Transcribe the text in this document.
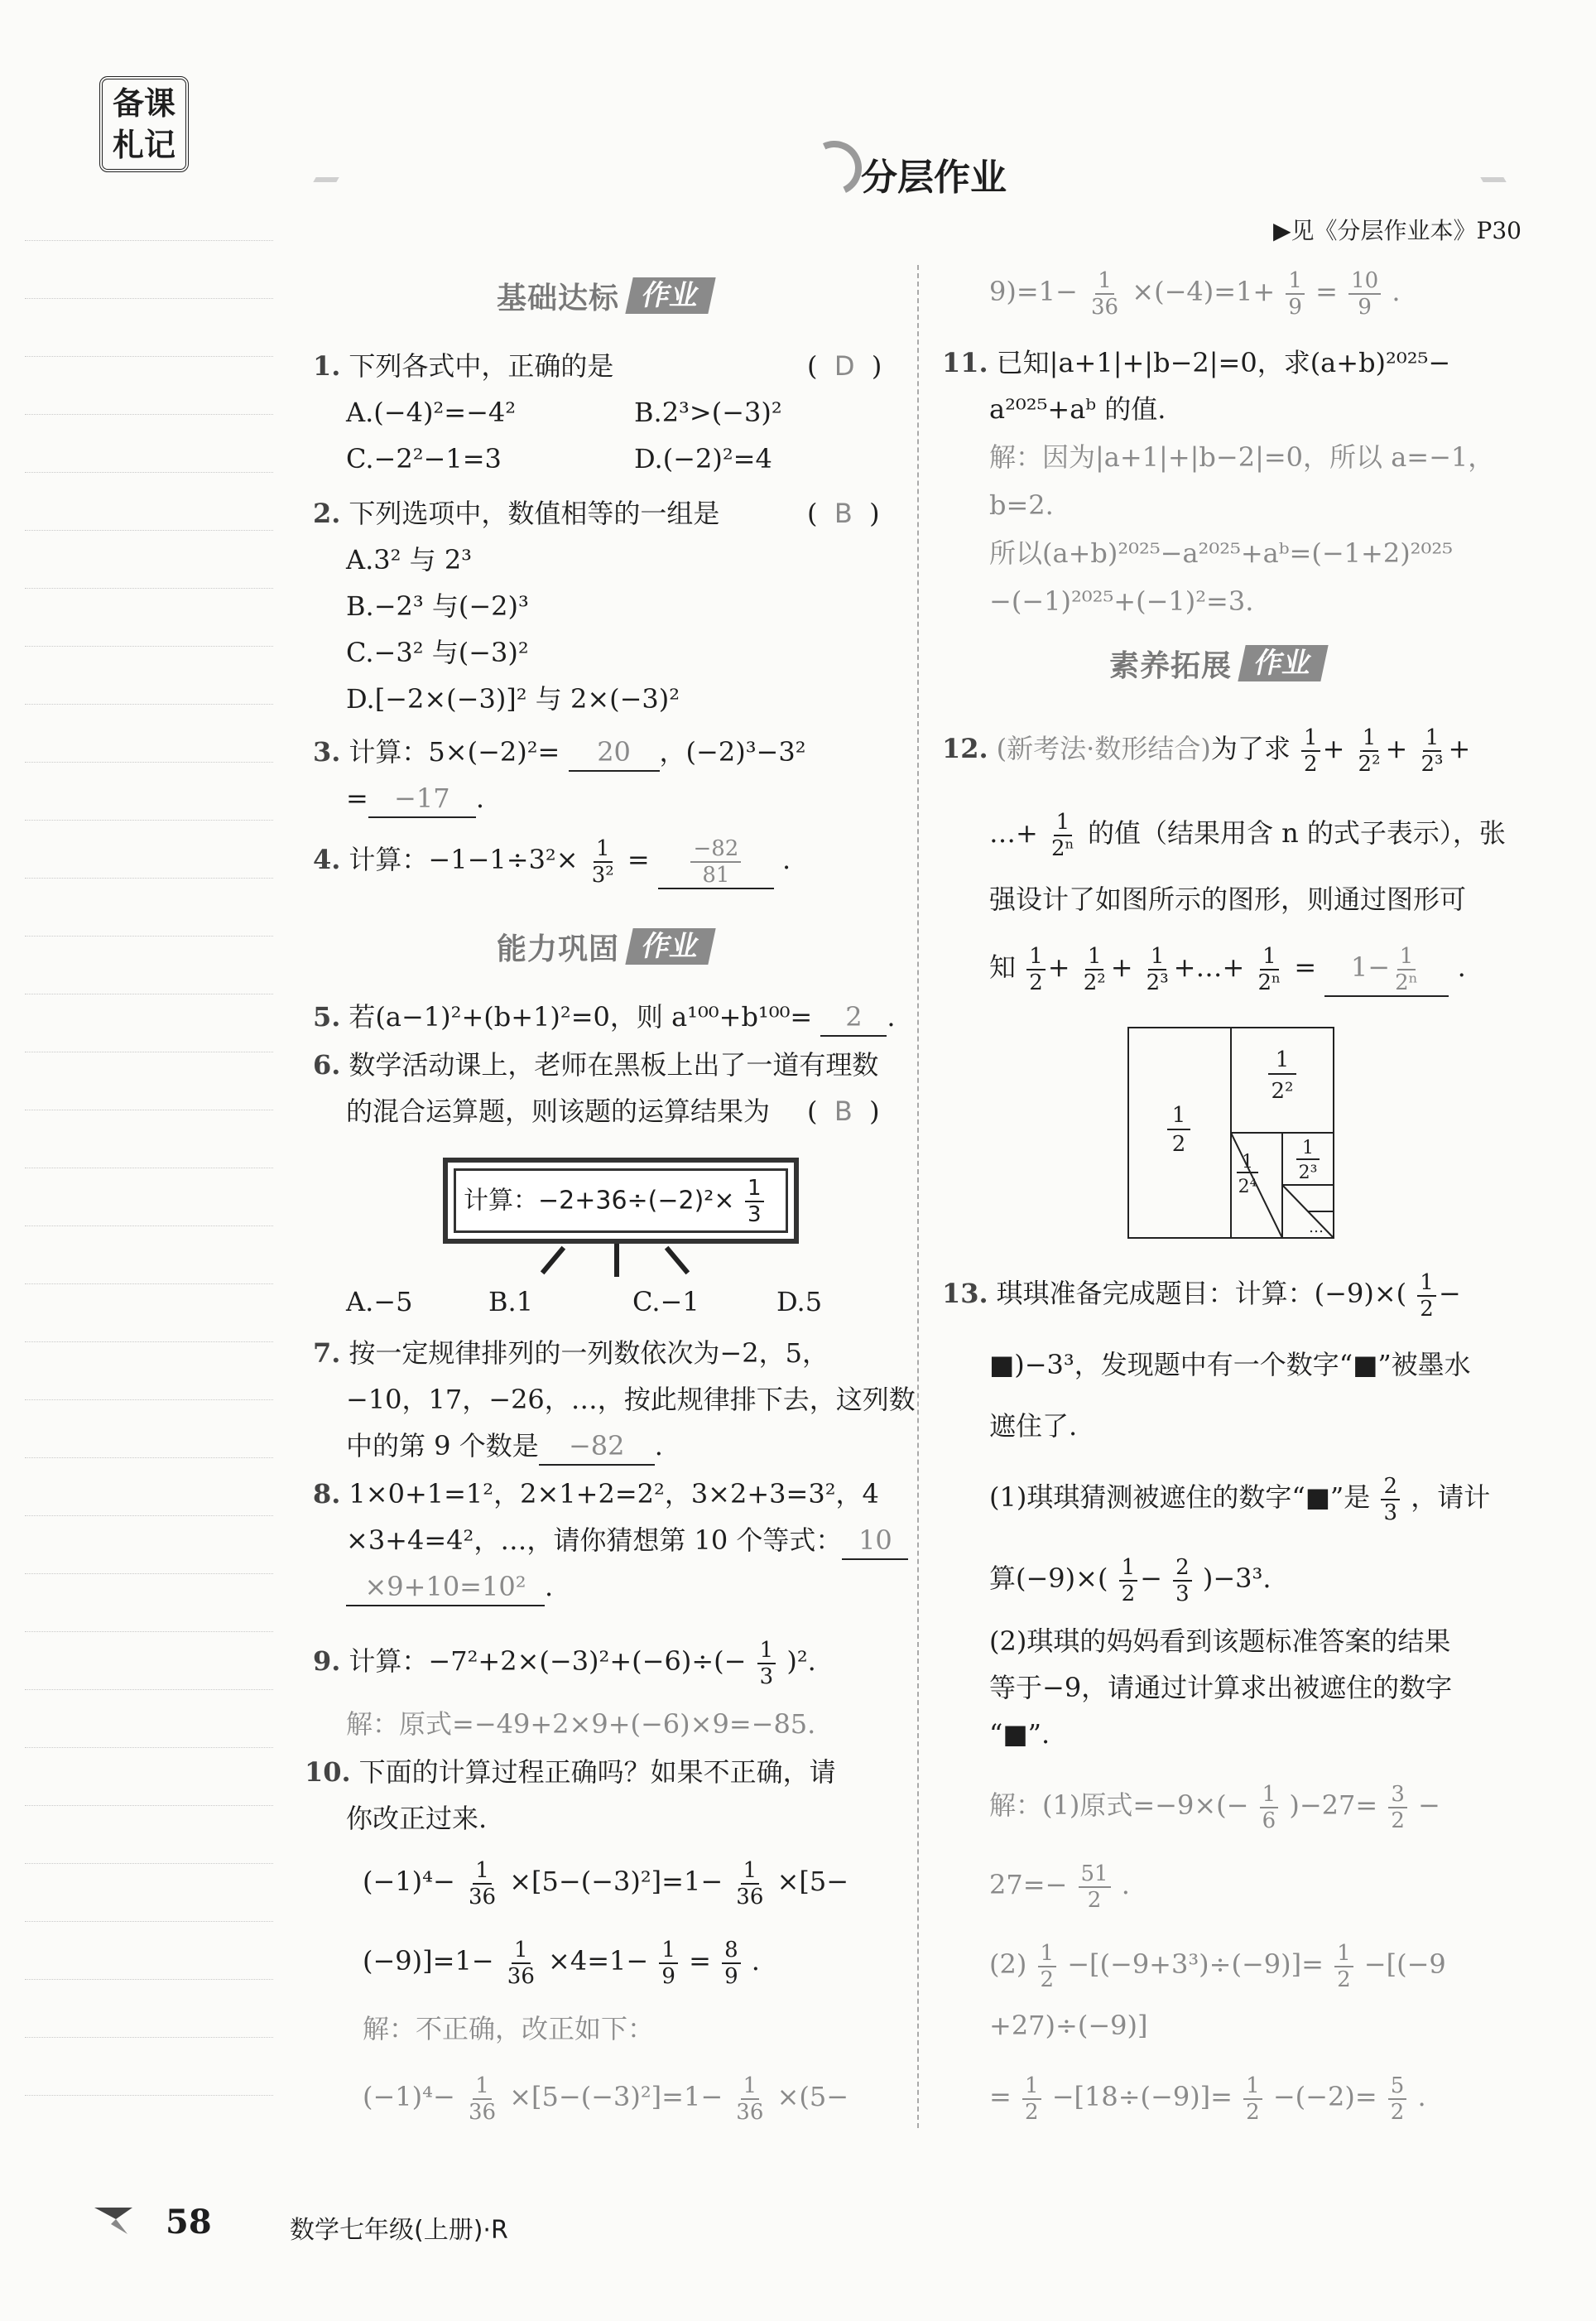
备课
札记
分层作业
▶见《分层作业本》P30
基础达标 作业
1. 下列各式中，正确的是	(  D  )
A.(−4)²=−4²	B.2³>(−3)²
C.−2²−1=3	D.(−2)²=4
2. 下列选项中，数值相等的一组是	(  B  )
A.3² 与 2³
B.−2³ 与(−2)³
C.−3² 与(−3)²
D.[−2×(−3)]² 与 2×(−3)²
3. 计算：5×(−2)²= 20 ，(−2)³−3²
= −17 .
4. 计算：$-1-1\div 3^2\times \frac{1}{\text{3²}} = \frac{-82}{81}$ .
能力巩固 作业
5. 若(a−1)²+(b+1)²=0，则 a¹⁰⁰+b¹⁰⁰= 2 .
6. 数学活动课上，老师在黑板上出了一道有理数
的混合运算题，则该题的运算结果为 (  B  )
计算：$-2+36\div(-2)^2\times \frac{1}{3}$
A.−5	B.1	C.−1	D.5
7. 按一定规律排列的一列数依次为−2，5，
−10，17，−26，…，按此规律排下去，这列数
中的第 9 个数是 −82 .
8. 1×0+1=1²，2×1+2=2²，3×2+3=3²，4
×3+4=4²，…，请你猜想第 10 个等式： 10
×9+10=10² .
9. 计算：$-7^2+2\times(-3)^2+(-6)\div(- \frac{1}{3} )^2$.
解：原式=−49+2×9+(−6)×9=−85.
10. 下面的计算过程正确吗？如果不正确，请
你改正过来.
$(-1)^4- \frac{1}{36} \times[5-(-3)^2]=1- \frac{1}{36} \times[5-$
$(-9)]=1- \frac{1}{36} \times 4=1- \frac{1}{9} = \frac{8}{9}$ .
解：不正确，改正如下：
$(-1)^4- \frac{1}{36} \times[5-(-3)^2]=1- \frac{1}{36} \times(5-$
$9)=1- \frac{1}{36} \times(-4)=1+ \frac{1}{9} = \frac{10}{9}$ .
11. 已知|a+1|+|b−2|=0，求(a+b)²⁰²⁵−
a²⁰²⁵+aᵇ 的值.
解：因为|a+1|+|b−2|=0，所以 a=−1，
b=2.
所以(a+b)²⁰²⁵−a²⁰²⁵+aᵇ=(−1+2)²⁰²⁵
−(−1)²⁰²⁵+(−1)²=3.
素养拓展 作业
12. (新考法·数形结合)为了求 $\frac{1}{2} + \frac{1}{\text{2²}} + \frac{1}{\text{2³}}$ +
…+ $\frac{1}{\text{2ⁿ}}$ 的值（结果用含 n 的式子表示），张
强设计了如图所示的图形，则通过图形可
知 $\frac{1}{2} + \frac{1}{\text{2²}} + \frac{1}{\text{2³}}$ +…+ $\frac{1}{\text{2ⁿ}} = 1- \frac{1}{\text{2ⁿ}}$ .
1
2
1
2²
1
2³
1
2⁴
…
13. 琪琪准备完成题目：计算：$(-9)\times( \frac{1}{2}$ −
■)−3³，发现题中有一个数字“■”被墨水
遮住了.
(1)琪琪猜测被遮住的数字“■”是 $\frac{2}{3}$ ，请计
算$(-9)\times( \frac{1}{2} - \frac{2}{3} )-3^3$.
(2)琪琪的妈妈看到该题标准答案的结果
等于−9，请通过计算求出被遮住的数字
“■”.
解：(1)原式$=-9\times(- \frac{1}{6} )-27= \frac{3}{2}$ −
$27=- \frac{51}{2}$ .
$(2) \frac{1}{2} -[(-9+3^3)\div(-9)]= \frac{1}{2} -[(-9$
+27)÷(−9)]
= $\frac{1}{2} -[18\div(-9)]= \frac{1}{2} -(-2)= \frac{5}{2}$ .
58	数学七年级(上册)·R
